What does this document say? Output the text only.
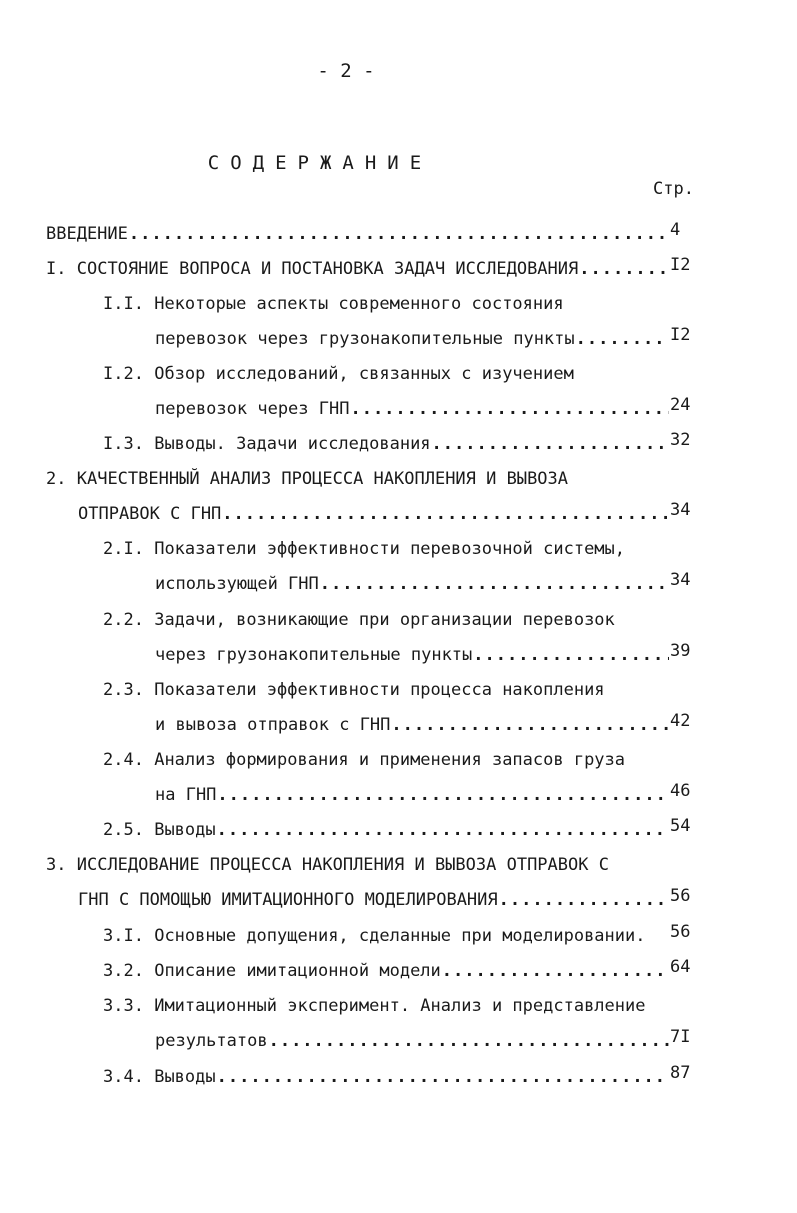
- 2 -
СОДЕРЖАНИЕ
Стр.
ВВЕДЕНИЕ .....	4
I. СОСТОЯНИЕ ВОПРОСА И ПОСТАНОВКА ЗАДАЧ ИССЛЕДОВАНИЯ .....	I2
I.I. Некоторые аспекты современного состояния
перевозок через грузонакопительные пункты .....	I2
I.2. Обзор исследований, связанных с изучением
перевозок через ГНП .....	24
I.3. Выводы. Задачи исследования .....	32
2. КАЧЕСТВЕННЫЙ АНАЛИЗ ПРОЦЕССА НАКОПЛЕНИЯ И ВЫВОЗА
ОТПРАВОК С ГНП .....	34
2.I. Показатели эффективности перевозочной системы,
использующей ГНП .....	34
2.2. Задачи, возникающие при организации перевозок
через грузонакопительные пункты .....	39
2.3. Показатели эффективности процесса накопления
и вывоза отправок с ГНП .....	42
2.4. Анализ формирования и применения запасов груза
на ГНП .....	46
2.5. Выводы .....	54
3. ИССЛЕДОВАНИЕ ПРОЦЕССА НАКОПЛЕНИЯ И ВЫВОЗА ОТПРАВОК С
ГНП С ПОМОЩЬЮ ИМИТАЦИОННОГО МОДЕЛИРОВАНИЯ .....	56
3.I. Основные допущения, сделанные при моделировании. 56
3.2. Описание имитационной модели .....	64
3.3. Имитационный эксперимент. Анализ и представление
результатов .....	7I
3.4. Выводы .....	87
